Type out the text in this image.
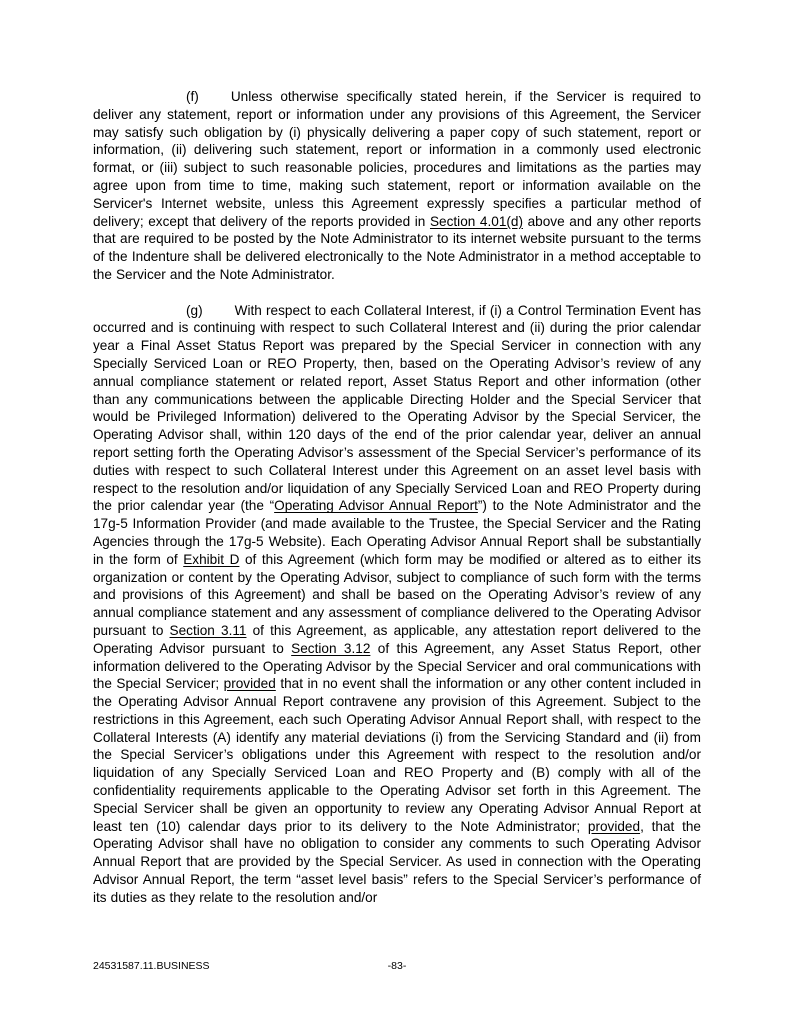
(f) Unless otherwise specifically stated herein, if the Servicer is required to deliver any statement, report or information under any provisions of this Agreement, the Servicer may satisfy such obligation by (i) physically delivering a paper copy of such statement, report or information, (ii) delivering such statement, report or information in a commonly used electronic format, or (iii) subject to such reasonable policies, procedures and limitations as the parties may agree upon from time to time, making such statement, report or information available on the Servicer's Internet website, unless this Agreement expressly specifies a particular method of delivery; except that delivery of the reports provided in Section 4.01(d) above and any other reports that are required to be posted by the Note Administrator to its internet website pursuant to the terms of the Indenture shall be delivered electronically to the Note Administrator in a method acceptable to the Servicer and the Note Administrator.

(g) With respect to each Collateral Interest, if (i) a Control Termination Event has occurred and is continuing with respect to such Collateral Interest and (ii) during the prior calendar year a Final Asset Status Report was prepared by the Special Servicer in connection with any Specially Serviced Loan or REO Property, then, based on the Operating Advisor’s review of any annual compliance statement or related report, Asset Status Report and other information (other than any communications between the applicable Directing Holder and the Special Servicer that would be Privileged Information) delivered to the Operating Advisor by the Special Servicer, the Operating Advisor shall, within 120 days of the end of the prior calendar year, deliver an annual report setting forth the Operating Advisor’s assessment of the Special Servicer’s performance of its duties with respect to such Collateral Interest under this Agreement on an asset level basis with respect to the resolution and/or liquidation of any Specially Serviced Loan and REO Property during the prior calendar year (the “Operating Advisor Annual Report”) to the Note Administrator and the 17g-5 Information Provider (and made available to the Trustee, the Special Servicer and the Rating Agencies through the 17g-5 Website). Each Operating Advisor Annual Report shall be substantially in the form of Exhibit D of this Agreement (which form may be modified or altered as to either its organization or content by the Operating Advisor, subject to compliance of such form with the terms and provisions of this Agreement) and shall be based on the Operating Advisor’s review of any annual compliance statement and any assessment of compliance delivered to the Operating Advisor pursuant to Section 3.11 of this Agreement, as applicable, any attestation report delivered to the Operating Advisor pursuant to Section 3.12 of this Agreement, any Asset Status Report, other information delivered to the Operating Advisor by the Special Servicer and oral communications with the Special Servicer; provided that in no event shall the information or any other content included in the Operating Advisor Annual Report contravene any provision of this Agreement. Subject to the restrictions in this Agreement, each such Operating Advisor Annual Report shall, with respect to the Collateral Interests (A) identify any material deviations (i) from the Servicing Standard and (ii) from the Special Servicer’s obligations under this Agreement with respect to the resolution and/or liquidation of any Specially Serviced Loan and REO Property and (B) comply with all of the confidentiality requirements applicable to the Operating Advisor set forth in this Agreement. The Special Servicer shall be given an opportunity to review any Operating Advisor Annual Report at least ten (10) calendar days prior to its delivery to the Note Administrator; provided, that the Operating Advisor shall have no obligation to consider any comments to such Operating Advisor Annual Report that are provided by the Special Servicer. As used in connection with the Operating Advisor Annual Report, the term “asset level basis” refers to the Special Servicer’s performance of its duties as they relate to the resolution and/or

24531587.11.BUSINESS	-83-
